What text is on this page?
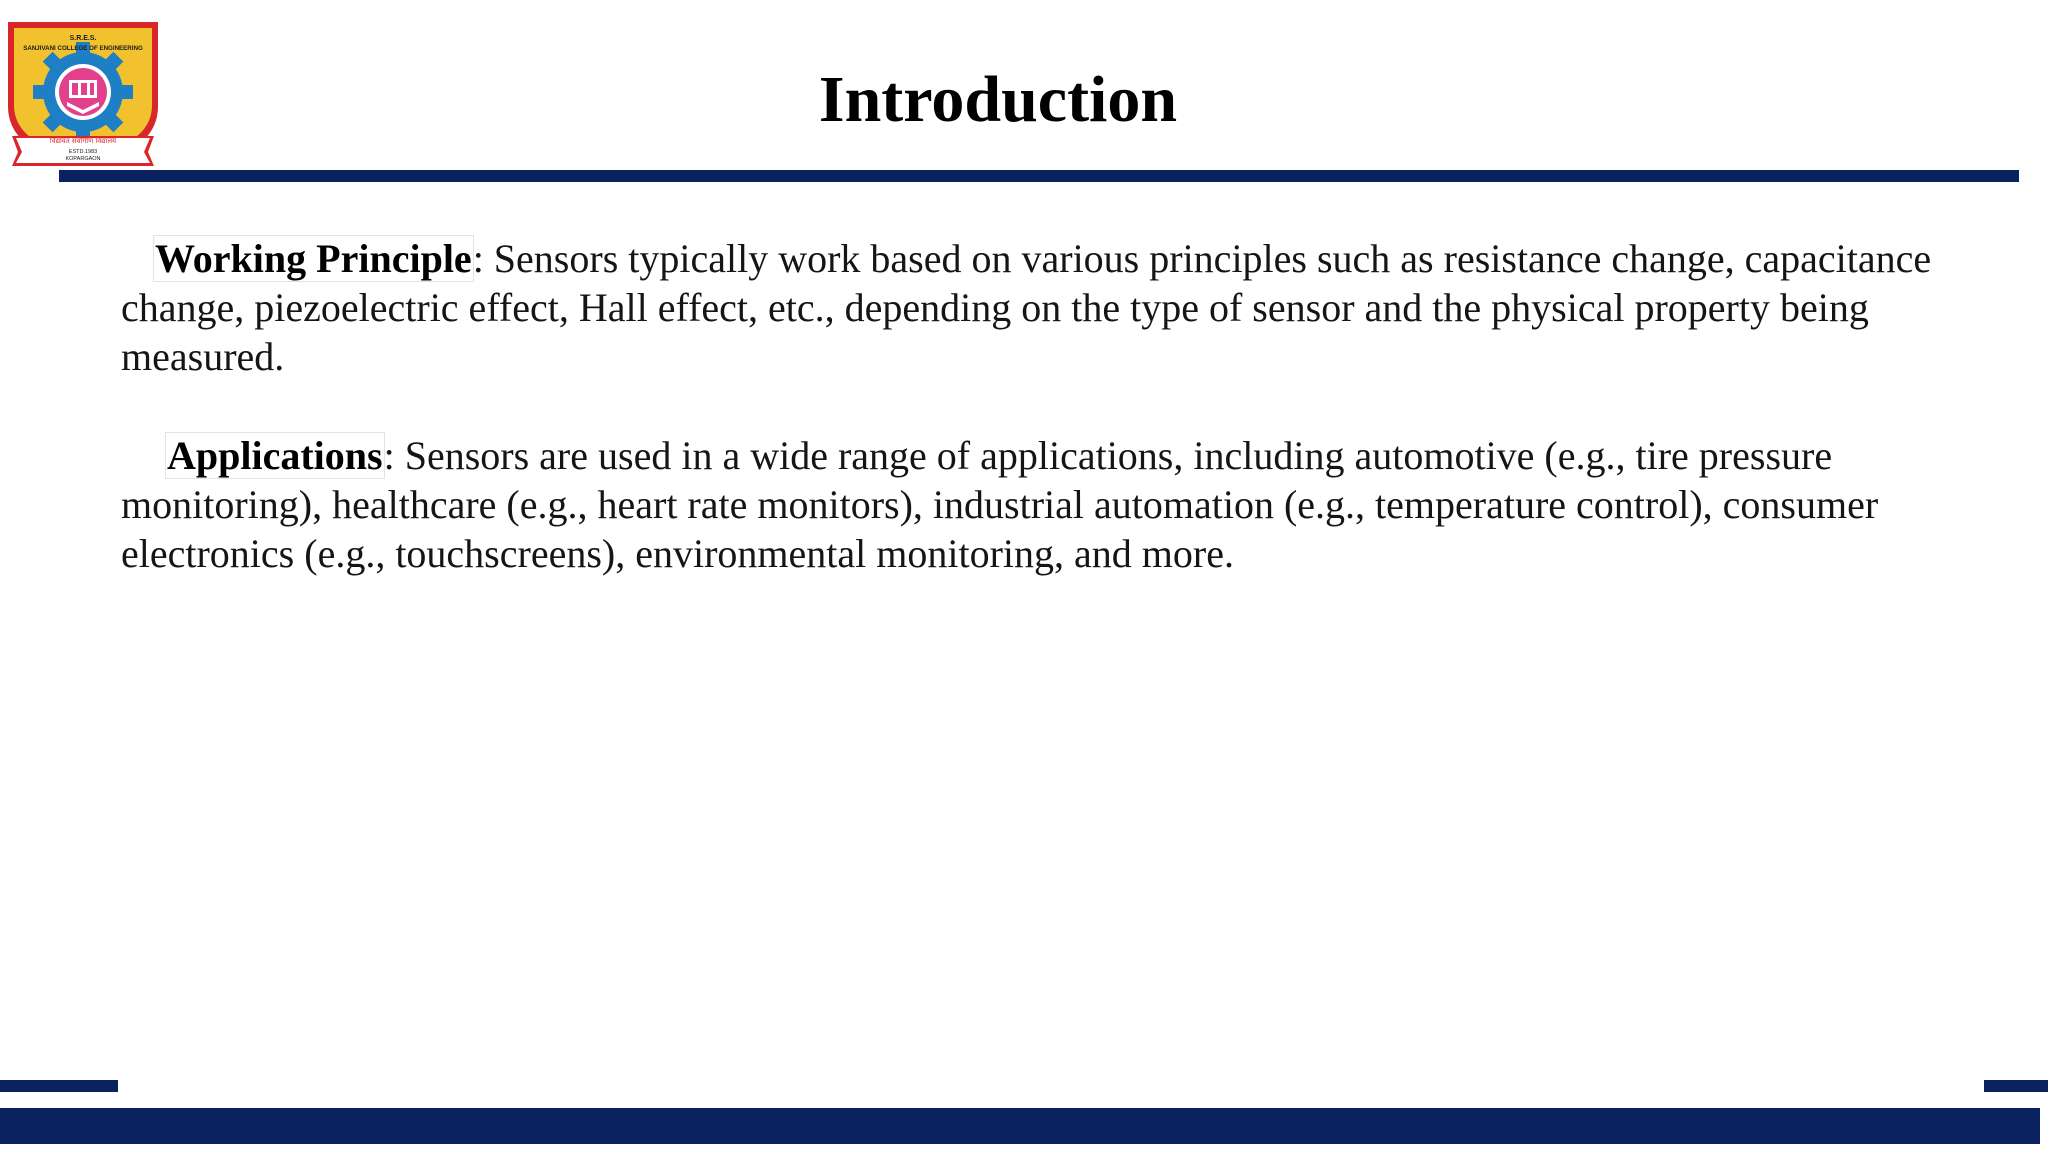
S.R.E.S.
SANJIVANI COLLEGE OF ENGINEERING
विद्यावंत सर्वांगीण विद्यालय
ESTD.1983
KOPARGAON
Introduction

Working Principle: Sensors typically work based on various principles such as resistance change, capacitance change, piezoelectric effect, Hall effect, etc., depending on the type of sensor and the physical property being measured.

Applications: Sensors are used in a wide range of applications, including automotive (e.g., tire pressure monitoring), healthcare (e.g., heart rate monitors), industrial automation (e.g., temperature control), consumer electronics (e.g., touchscreens), environmental monitoring, and more.
